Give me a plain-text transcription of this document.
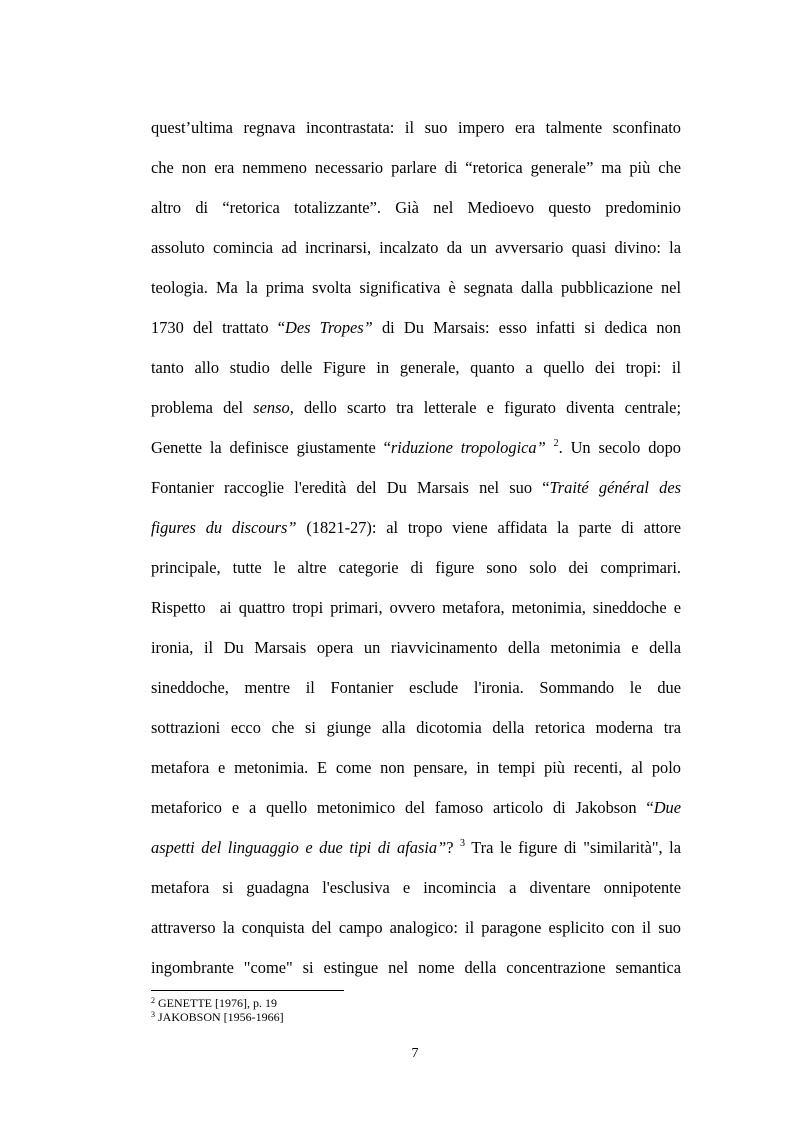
quest’ultima regnava incontrastata: il suo impero era talmente sconfinato
che non era nemmeno necessario parlare di “retorica generale” ma più che
altro di “retorica totalizzante”. Già nel Medioevo questo predominio
assoluto comincia ad incrinarsi, incalzato da un avversario quasi divino: la
teologia. Ma la prima svolta significativa è segnata dalla pubblicazione nel
1730 del trattato “Des Tropes” di Du Marsais: esso infatti si dedica non
tanto allo studio delle Figure in generale, quanto a quello dei tropi: il
problema del senso, dello scarto tra letterale e figurato diventa centrale;
Genette la definisce giustamente “riduzione tropologica” $^2$. Un secolo dopo
Fontanier raccoglie l'eredità del Du Marsais nel suo “Traité général des
figures du discours” (1821-27): al tropo viene affidata la parte di attore
principale, tutte le altre categorie di figure sono solo dei comprimari.
Rispetto  ai quattro tropi primari, ovvero metafora, metonimia, sineddoche e
ironia, il Du Marsais opera un riavvicinamento della metonimia e della
sineddoche, mentre il Fontanier esclude l'ironia. Sommando le due
sottrazioni ecco che si giunge alla dicotomia della retorica moderna tra
metafora e metonimia. E come non pensare, in tempi più recenti, al polo
metaforico e a quello metonimico del famoso articolo di Jakobson “Due
aspetti del linguaggio e due tipi di afasia”? $^3$ Tra le figure di "similarità", la
metafora si guadagna l'esclusiva e incomincia a diventare onnipotente
attraverso la conquista del campo analogico: il paragone esplicito con il suo
ingombrante "come" si estingue nel nome della concentrazione semantica
$^2$ GENETTE [1976], p. 19
$^3$ JAKOBSON [1956-1966]
7
